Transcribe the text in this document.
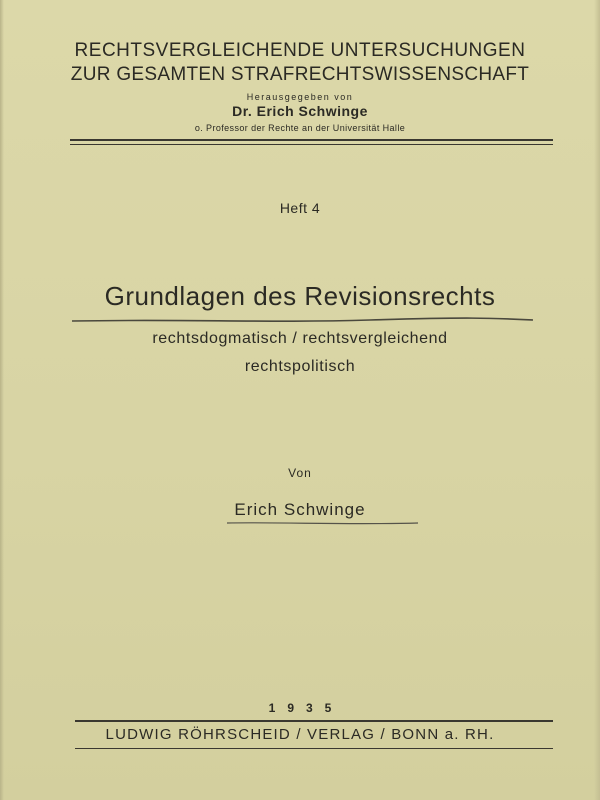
RECHTSVERGLEICHENDE UNTERSUCHUNGEN
ZUR GESAMTEN STRAFRECHTSWISSENSCHAFT
Herausgegeben von
Dr. Erich Schwinge
o. Professor der Rechte an der Universität Halle
Heft 4
Grundlagen des Revisionsrechts
rechtsdogmatisch / rechtsvergleichend
rechtspolitisch
Von
Erich Schwinge
1935
LUDWIG RÖHRSCHEID / VERLAG / BONN a. RH.
